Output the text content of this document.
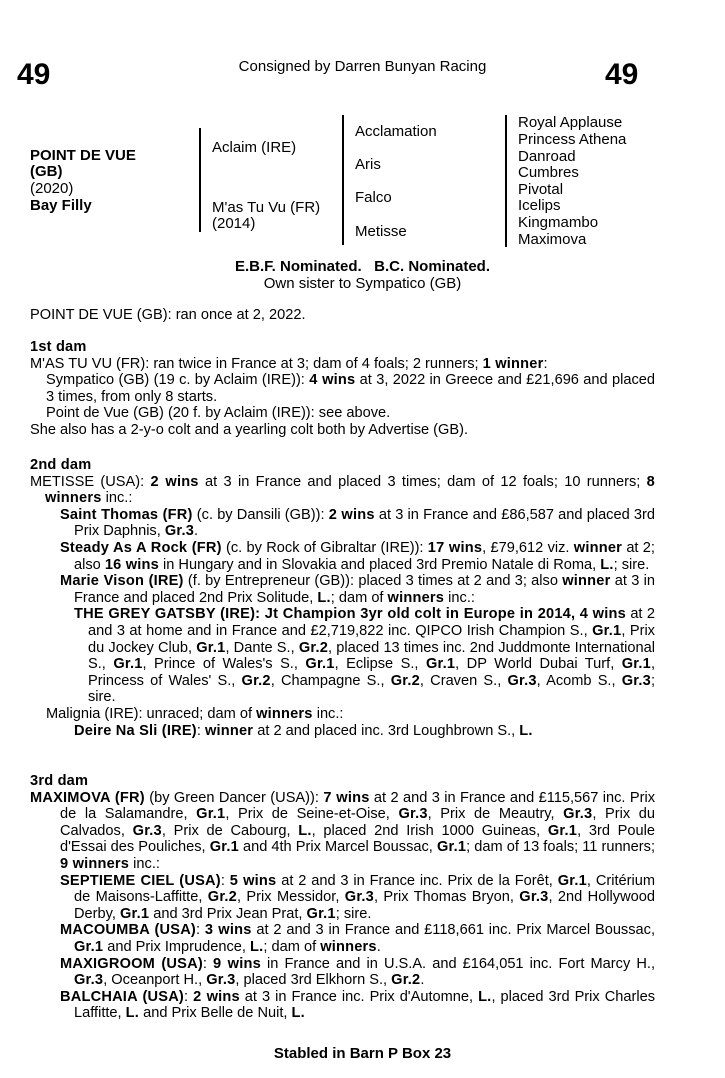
49	Consigned by Darren Bunyan Racing	49
POINT DE VUE
(GB)
(2020)
Bay Filly
Aclaim (IRE)
M'as Tu Vu (FR)
(2014)
Acclamation
Aris
Falco
Metisse
Royal Applause
Princess Athena
Danroad
Cumbres
Pivotal
Icelips
Kingmambo
Maximova
E.B.F. Nominated.   B.C. Nominated.
Own sister to Sympatico (GB)

POINT DE VUE (GB): ran once at 2, 2022.

1st dam

M'AS TU VU (FR): ran twice in France at 3; dam of 4 foals; 2 runners; 1 winner:

Sympatico (GB) (19 c. by Aclaim (IRE)): 4 wins at 3, 2022 in Greece and £21,696 and placed 3 times, from only 8 starts.

Point de Vue (GB) (20 f. by Aclaim (IRE)): see above.

She also has a 2-y-o colt and a yearling colt both by Advertise (GB).

2nd dam

METISSE (USA): 2 wins at 3 in France and placed 3 times; dam of 12 foals; 10 runners; 8 winners inc.:

Saint Thomas (FR) (c. by Dansili (GB)): 2 wins at 3 in France and £86,587 and placed 3rd Prix Daphnis, Gr.3.

Steady As A Rock (FR) (c. by Rock of Gibraltar (IRE)): 17 wins, £79,612 viz. winner at 2; also 16 wins in Hungary and in Slovakia and placed 3rd Premio Natale di Roma, L.; sire.

Marie Vison (IRE) (f. by Entrepreneur (GB)): placed 3 times at 2 and 3; also winner at 3 in France and placed 2nd Prix Solitude, L.; dam of winners inc.:

THE GREY GATSBY (IRE): Jt Champion 3yr old colt in Europe in 2014, 4 wins at 2 and 3 at home and in France and £2,719,822 inc. QIPCO Irish Champion S., Gr.1, Prix du Jockey Club, Gr.1, Dante S., Gr.2, placed 13 times inc. 2nd Juddmonte International S., Gr.1, Prince of Wales's S., Gr.1, Eclipse S., Gr.1, DP World Dubai Turf, Gr.1, Princess of Wales' S., Gr.2, Champagne S., Gr.2, Craven S., Gr.3, Acomb S., Gr.3; sire.

Malignia (IRE): unraced; dam of winners inc.:

Deire Na Sli (IRE): winner at 2 and placed inc. 3rd Loughbrown S., L.

3rd dam

MAXIMOVA (FR) (by Green Dancer (USA)): 7 wins at 2 and 3 in France and £115,567 inc. Prix de la Salamandre, Gr.1, Prix de Seine-et-Oise, Gr.3, Prix de Meautry, Gr.3, Prix du Calvados, Gr.3, Prix de Cabourg, L., placed 2nd Irish 1000 Guineas, Gr.1, 3rd Poule d'Essai des Pouliches, Gr.1 and 4th Prix Marcel Boussac, Gr.1; dam of 13 foals; 11 runners; 9 winners inc.:

SEPTIEME CIEL (USA): 5 wins at 2 and 3 in France inc. Prix de la Forêt, Gr.1, Critérium de Maisons-Laffitte, Gr.2, Prix Messidor, Gr.3, Prix Thomas Bryon, Gr.3, 2nd Hollywood Derby, Gr.1 and 3rd Prix Jean Prat, Gr.1; sire.

MACOUMBA (USA): 3 wins at 2 and 3 in France and £118,661 inc. Prix Marcel Boussac, Gr.1 and Prix Imprudence, L.; dam of winners.

MAXIGROOM (USA): 9 wins in France and in U.S.A. and £164,051 inc. Fort Marcy H., Gr.3, Oceanport H., Gr.3, placed 3rd Elkhorn S., Gr.2.

BALCHAIA (USA): 2 wins at 3 in France inc. Prix d'Automne, L., placed 3rd Prix Charles Laffitte, L. and Prix Belle de Nuit, L.

Stabled in Barn P Box 23
